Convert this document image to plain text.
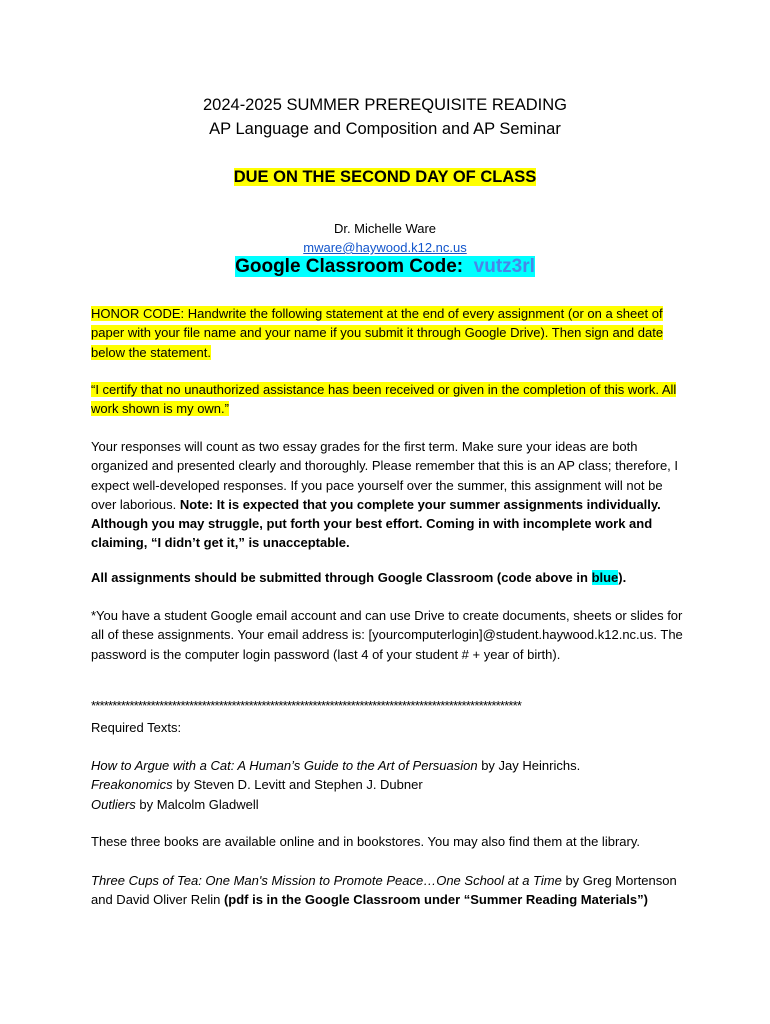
2024-2025 SUMMER PREREQUISITE READING
AP Language and Composition and AP Seminar
DUE ON THE SECOND DAY OF CLASS
Dr. Michelle Ware
mware@haywood.k12.nc.us
Google Classroom Code: vutz3rl
HONOR CODE: Handwrite the following statement at the end of every assignment (or on a sheet of paper with your file name and your name if you submit it through Google Drive). Then sign and date below the statement.
“I certify that no unauthorized assistance has been received or given in the completion of this work. All work shown is my own.”
Your responses will count as two essay grades for the first term. Make sure your ideas are both organized and presented clearly and thoroughly. Please remember that this is an AP class; therefore, I expect well-developed responses. If you pace yourself over the summer, this assignment will not be over laborious. Note: It is expected that you complete your summer assignments individually. Although you may struggle, put forth your best effort. Coming in with incomplete work and claiming, “I didn’t get it,” is unacceptable.
All assignments should be submitted through Google Classroom (code above in blue).
*You have a student Google email account and can use Drive to create documents, sheets or slides for all of these assignments. Your email address is: [yourcomputerlogin]@student.haywood.k12.nc.us. The password is the computer login password (last 4 of your student # + year of birth).
*****************************************************************************************************
Required Texts:
How to Argue with a Cat: A Human’s Guide to the Art of Persuasion by Jay Heinrichs.
Freakonomics by Steven D. Levitt and Stephen J. Dubner
Outliers by Malcolm Gladwell
These three books are available online and in bookstores. You may also find them at the library.
Three Cups of Tea: One Man's Mission to Promote Peace…One School at a Time by Greg Mortenson and David Oliver Relin (pdf is in the Google Classroom under “Summer Reading Materials”)
